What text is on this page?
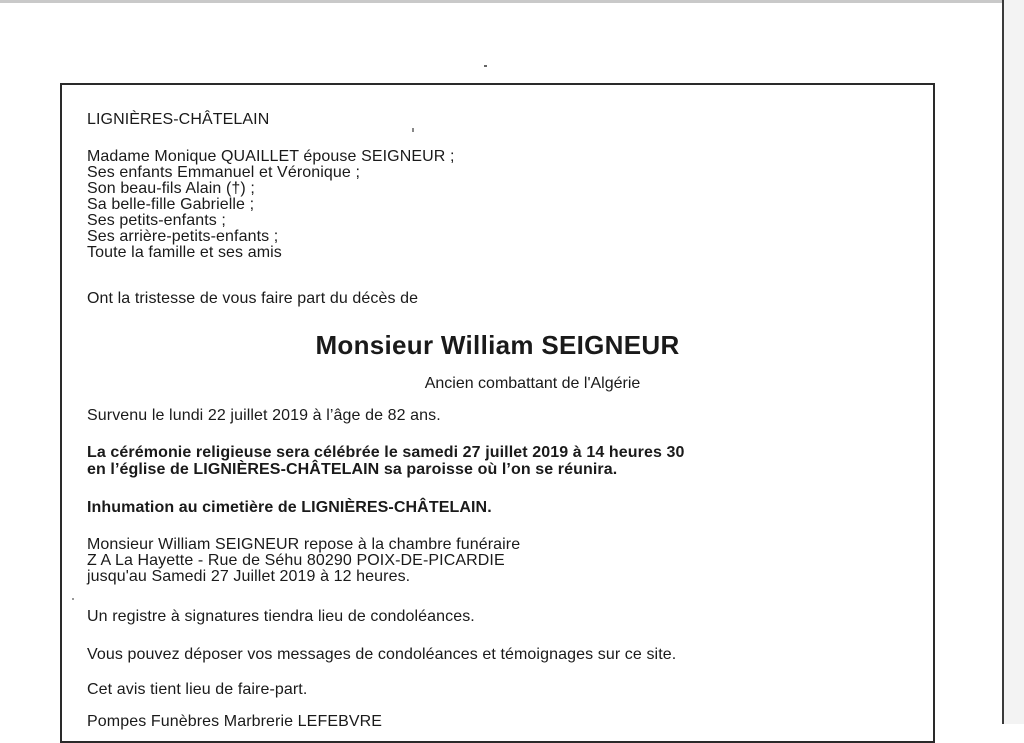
LIGNIÈRES-CHÂTELAIN
Madame Monique QUAILLET épouse SEIGNEUR ;
Ses enfants Emmanuel et Véronique ;
Son beau-fils Alain (†) ;
Sa belle-fille Gabrielle ;
Ses petits-enfants ;
Ses arrière-petits-enfants ;
Toute la famille et ses amis
Ont la tristesse de vous faire part du décès de
Monsieur William SEIGNEUR
Ancien combattant de l'Algérie
Survenu le lundi 22 juillet 2019 à l’âge de 82 ans.
La cérémonie religieuse sera célébrée le samedi 27 juillet 2019 à 14 heures 30
en l’église de LIGNIÈRES-CHÂTELAIN sa paroisse où l’on se réunira.
Inhumation au cimetière de LIGNIÈRES-CHÂTELAIN.
Monsieur William SEIGNEUR repose à la chambre funéraire
Z A La Hayette - Rue de Séhu 80290 POIX-DE-PICARDIE
jusqu'au Samedi 27 Juillet 2019 à 12 heures.
Un registre à signatures tiendra lieu de condoléances.
Vous pouvez déposer vos messages de condoléances et témoignages sur ce site.
Cet avis tient lieu de faire-part.
Pompes Funèbres Marbrerie LEFEBVRE
